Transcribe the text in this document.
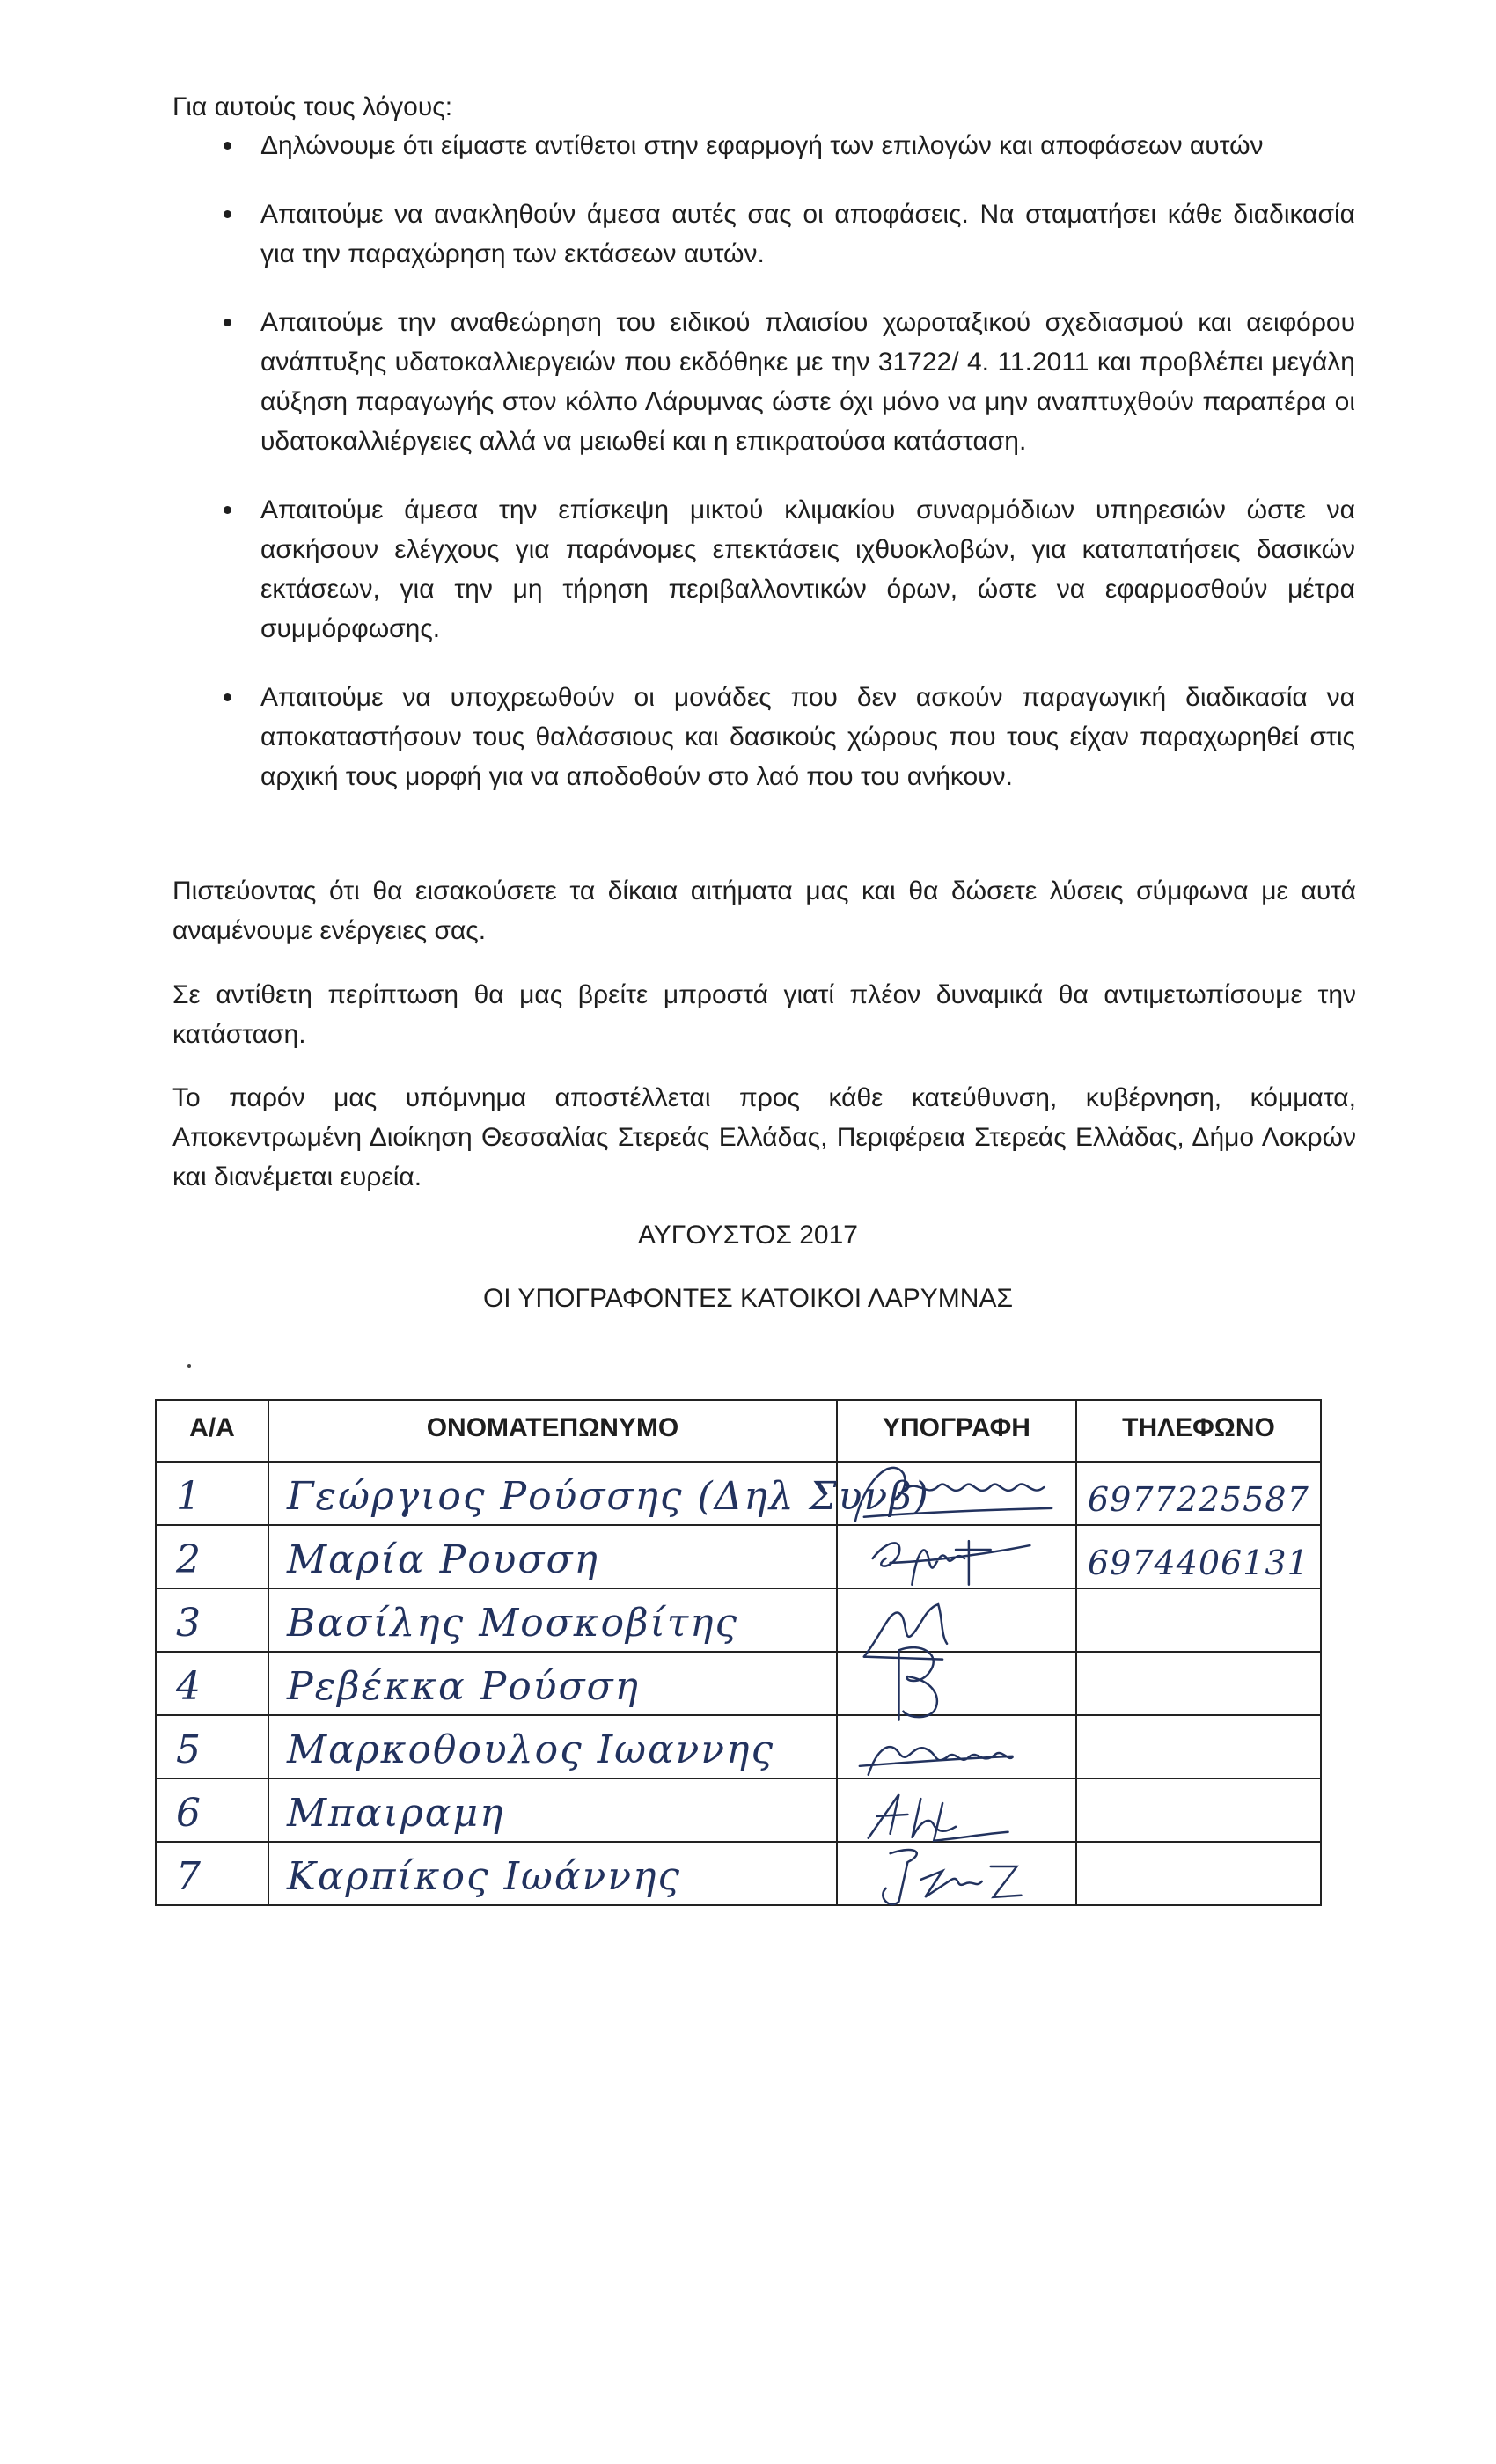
Για αυτούς τους λόγους:

Δηλώνουμε ότι είμαστε αντίθετοι στην εφαρμογή των επιλογών και αποφάσεων αυτών
Απαιτούμε να ανακληθούν άμεσα αυτές σας οι αποφάσεις. Να σταματήσει κάθε διαδικασία για την παραχώρηση των εκτάσεων αυτών.
Απαιτούμε την αναθεώρηση του ειδικού πλαισίου χωροταξικού σχεδιασμού και αειφόρου ανάπτυξης υδατοκαλλιεργειών που εκδόθηκε με την 31722/ 4. 11.2011 και προβλέπει μεγάλη αύξηση παραγωγής στον κόλπο Λάρυμνας ώστε όχι μόνο να μην αναπτυχθούν παραπέρα οι υδατοκαλλιέργειες αλλά να μειωθεί και η επικρατούσα κατάσταση.
Απαιτούμε άμεσα την επίσκεψη μικτού κλιμακίου συναρμόδιων υπηρεσιών ώστε να ασκήσουν ελέγχους για παράνομες επεκτάσεις ιχθυοκλοβών, για καταπατήσεις δασικών εκτάσεων, για την μη τήρηση περιβαλλοντικών όρων, ώστε να εφαρμοσθούν μέτρα συμμόρφωσης.
Απαιτούμε να υποχρεωθούν οι μονάδες που δεν ασκούν παραγωγική διαδικασία να αποκαταστήσουν τους θαλάσσιους και δασικούς χώρους που τους είχαν παραχωρηθεί στις αρχική τους μορφή για να αποδοθούν στο λαό που του ανήκουν.

Πιστεύοντας ότι θα εισακούσετε τα δίκαια αιτήματα μας και θα δώσετε λύσεις σύμφωνα με αυτά αναμένουμε ενέργειες σας.

Σε αντίθετη περίπτωση θα μας βρείτε μπροστά γιατί πλέον δυναμικά θα αντιμετωπίσουμε την κατάσταση.

Το παρόν μας υπόμνημα αποστέλλεται προς κάθε κατεύθυνση, κυβέρνηση, κόμματα, Αποκεντρωμένη Διοίκηση Θεσσαλίας Στερεάς Ελλάδας, Περιφέρεια Στερεάς Ελλάδας, Δήμο Λοκρών και διανέμεται ευρεία.

ΑΥΓΟΥΣΤΟΣ 2017

ΟΙ ΥΠΟΓΡΑΦΟΝΤΕΣ ΚΑΤΟΙΚΟΙ ΛΑΡΥΜΝΑΣ

Α/Α	ΟΝΟΜΑΤΕΠΩΝΥΜΟ	ΥΠΟΓΡΑΦΗ	ΤΗΛΕΦΩΝΟ

1	Γεώργιος Ρούσσης (Δηλ Συνβ)		6977225587

2	Μαρία Ρουσση		6974406131

3	Βασίλης Μοσκοβίτης

4	Ρεβέκκα Ρούσση

5	Μαρκοθουλος Ιωαννης

6	Μπαιραμη

7	Καρπίκος Ιωάννης
